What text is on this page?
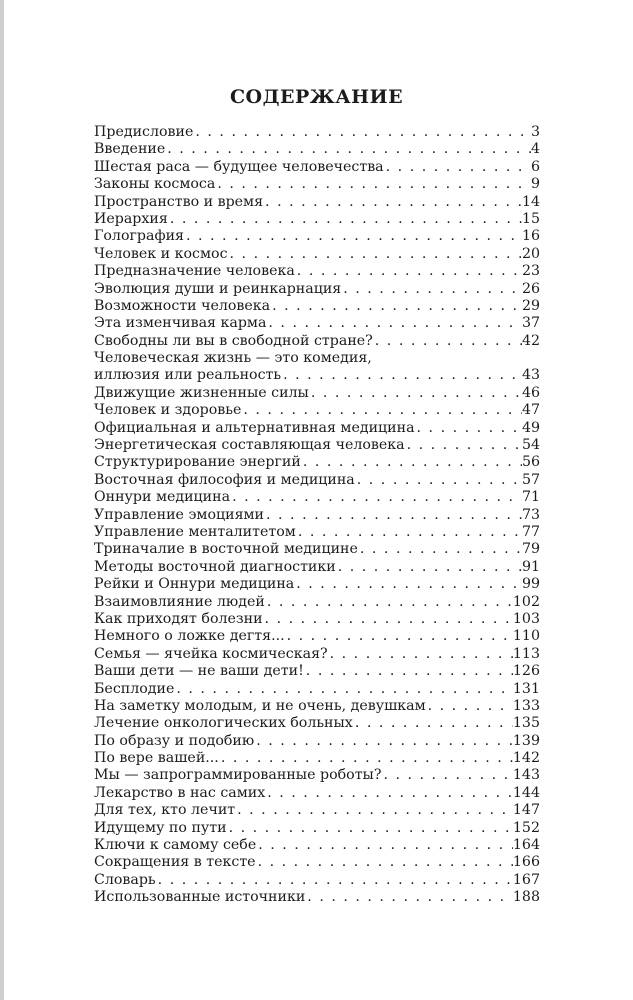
СОДЕРЖАНИЕ
Предисловие . . .	3
Введение . . .	4
Шестая раса — будущее человечества . . .	6
Законы космоса . . .	9
Пространство и время . . .	14
Иерархия . . .	15
Голография . . .	16
Человек и космос . . .	20
Предназначение человека . . .	23
Эволюция души и реинкарнация . . .	26
Возможности человека . . .	29
Эта изменчивая карма . . .	37
Свободны ли вы в свободной стране? . . .	42
Человеческая жизнь — это комедия,
иллюзия или реальность . . .	43
Движущие жизненные силы . . .	46
Человек и здоровье . . .	47
Официальная и альтернативная медицина . . .	49
Энергетическая составляющая человека . . .	54
Структурирование энергий . . .	56
Восточная философия и медицина . . .	57
Оннури медицина . . .	71
Управление эмоциями . . .	73
Управление менталитетом . . .	77
Триначалие в восточной медицине . . .	79
Методы восточной диагностики . . .	91
Рейки и Оннури медицина . . .	99
Взаимовлияние людей . . .	102
Как приходят болезни . . .	103
Немного о ложке дегтя... . . .	110
Семья — ячейка космическая? . . .	113
Ваши дети — не ваши дети! . . .	126
Бесплодие . . .	131
На заметку молодым, и не очень, девушкам . . .	133
Лечение онкологических больных . . .	135
По образу и подобию . . .	139
По вере вашей... . . .	142
Мы — запрограммированные роботы? . . .	143
Лекарство в нас самих . . .	144
Для тех, кто лечит . . .	147
Идущему по пути . . .	152
Ключи к самому себе . . .	164
Сокращения в тексте . . .	166
Словарь . . .	167
Использованные источники . . .	188
